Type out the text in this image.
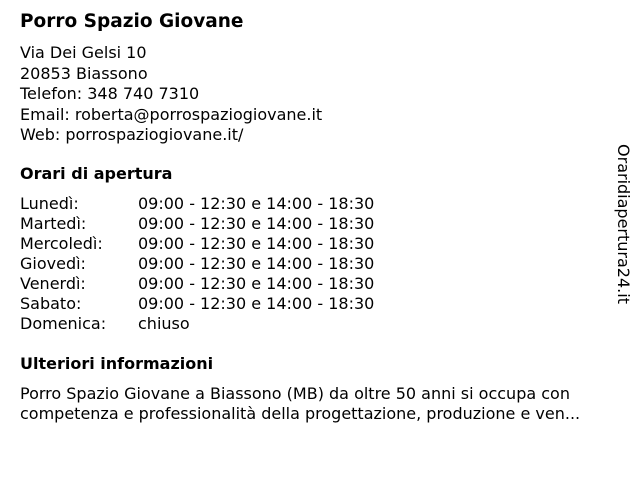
Porro Spazio Giovane
Via Dei Gelsi 10
20853 Biassono
Telefon: 348 740 7310
Email: roberta@porrospaziogiovane.it
Web: porrospaziogiovane.it/
Orari di apertura
Lunedì:	09:00 - 12:30 e 14:00 - 18:30
Martedì:	09:00 - 12:30 e 14:00 - 18:30
Mercoledì: 09:00 - 12:30 e 14:00 - 18:30
Giovedì:	09:00 - 12:30 e 14:00 - 18:30
Venerdì:	09:00 - 12:30 e 14:00 - 18:30
Sabato:	09:00 - 12:30 e 14:00 - 18:30
Domenica: chiuso
Ulteriori informazioni
Porro Spazio Giovane a Biassono (MB) da oltre 50 anni si occupa con
competenza e professionalità della progettazione, produzione e ven...
Oraridiapertura24.it
